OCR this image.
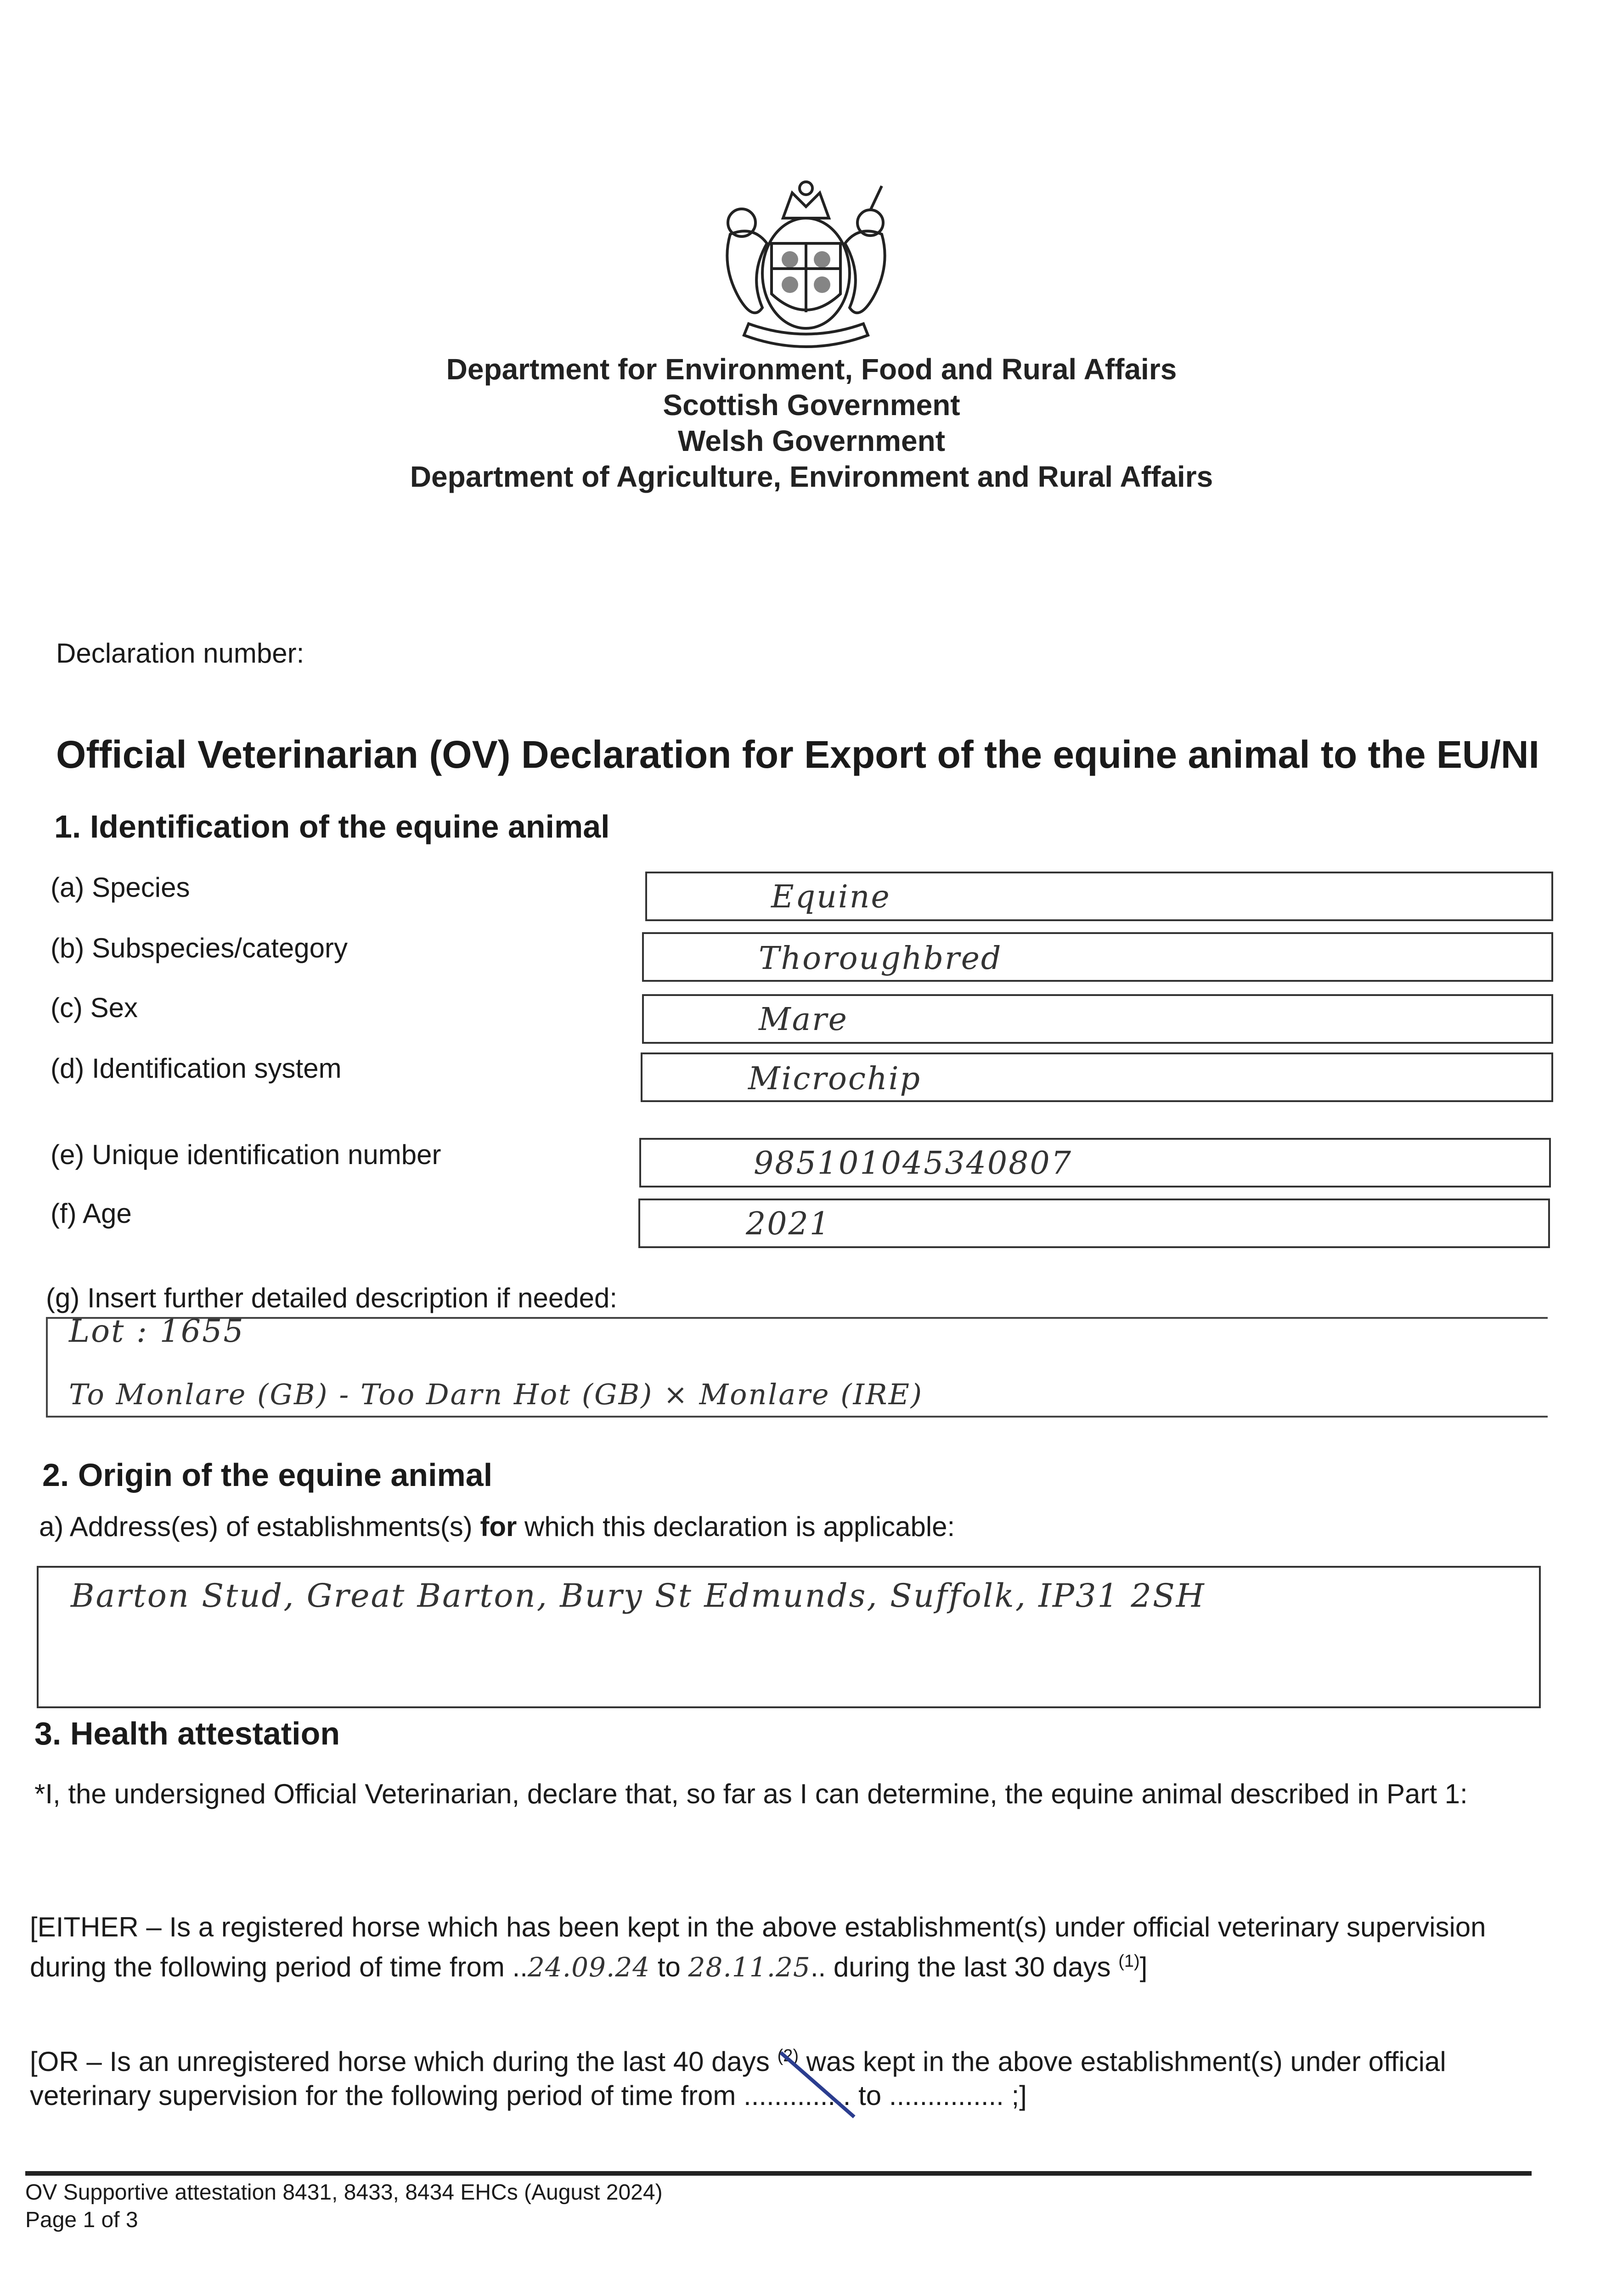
Department for Environment, Food and Rural Affairs
Scottish Government
Welsh Government
Department of Agriculture, Environment and Rural Affairs
Declaration number:
Official Veterinarian (OV) Declaration for Export of the equine animal to the EU/NI
1. Identification of the equine animal
(a) Species	Equine
(b) Subspecies/category	Thoroughbred
(c) Sex	Mare
(d) Identification system	Microchip
(e) Unique identification number	985101045340807
(f) Age	2021
(g) Insert further detailed description if needed:
Lot : 1655
To Monlare (GB) - Too Darn Hot (GB) × Monlare (IRE)
2. Origin of the equine animal
a) Address(es) of establishments(s) for which this declaration is applicable:
Barton Stud, Great Barton, Bury St Edmunds, Suffolk, IP31 2SH
3. Health attestation
*I, the undersigned Official Veterinarian, declare that, so far as I can determine, the equine animal described in Part 1:
[EITHER – Is a registered horse which has been kept in the above establishment(s) under official veterinary supervision during the following period of time from ..24.09.24 to 28.11.25.. during the last 30 days $^{(1)}$]
[OR – Is an unregistered horse which during the last 40 days $^{(2)}$ was kept in the above establishment(s) under official veterinary supervision for the following period of time from .............. to ............... ;]
OV Supportive attestation 8431, 8433, 8434 EHCs (August 2024)
Page 1 of 3
